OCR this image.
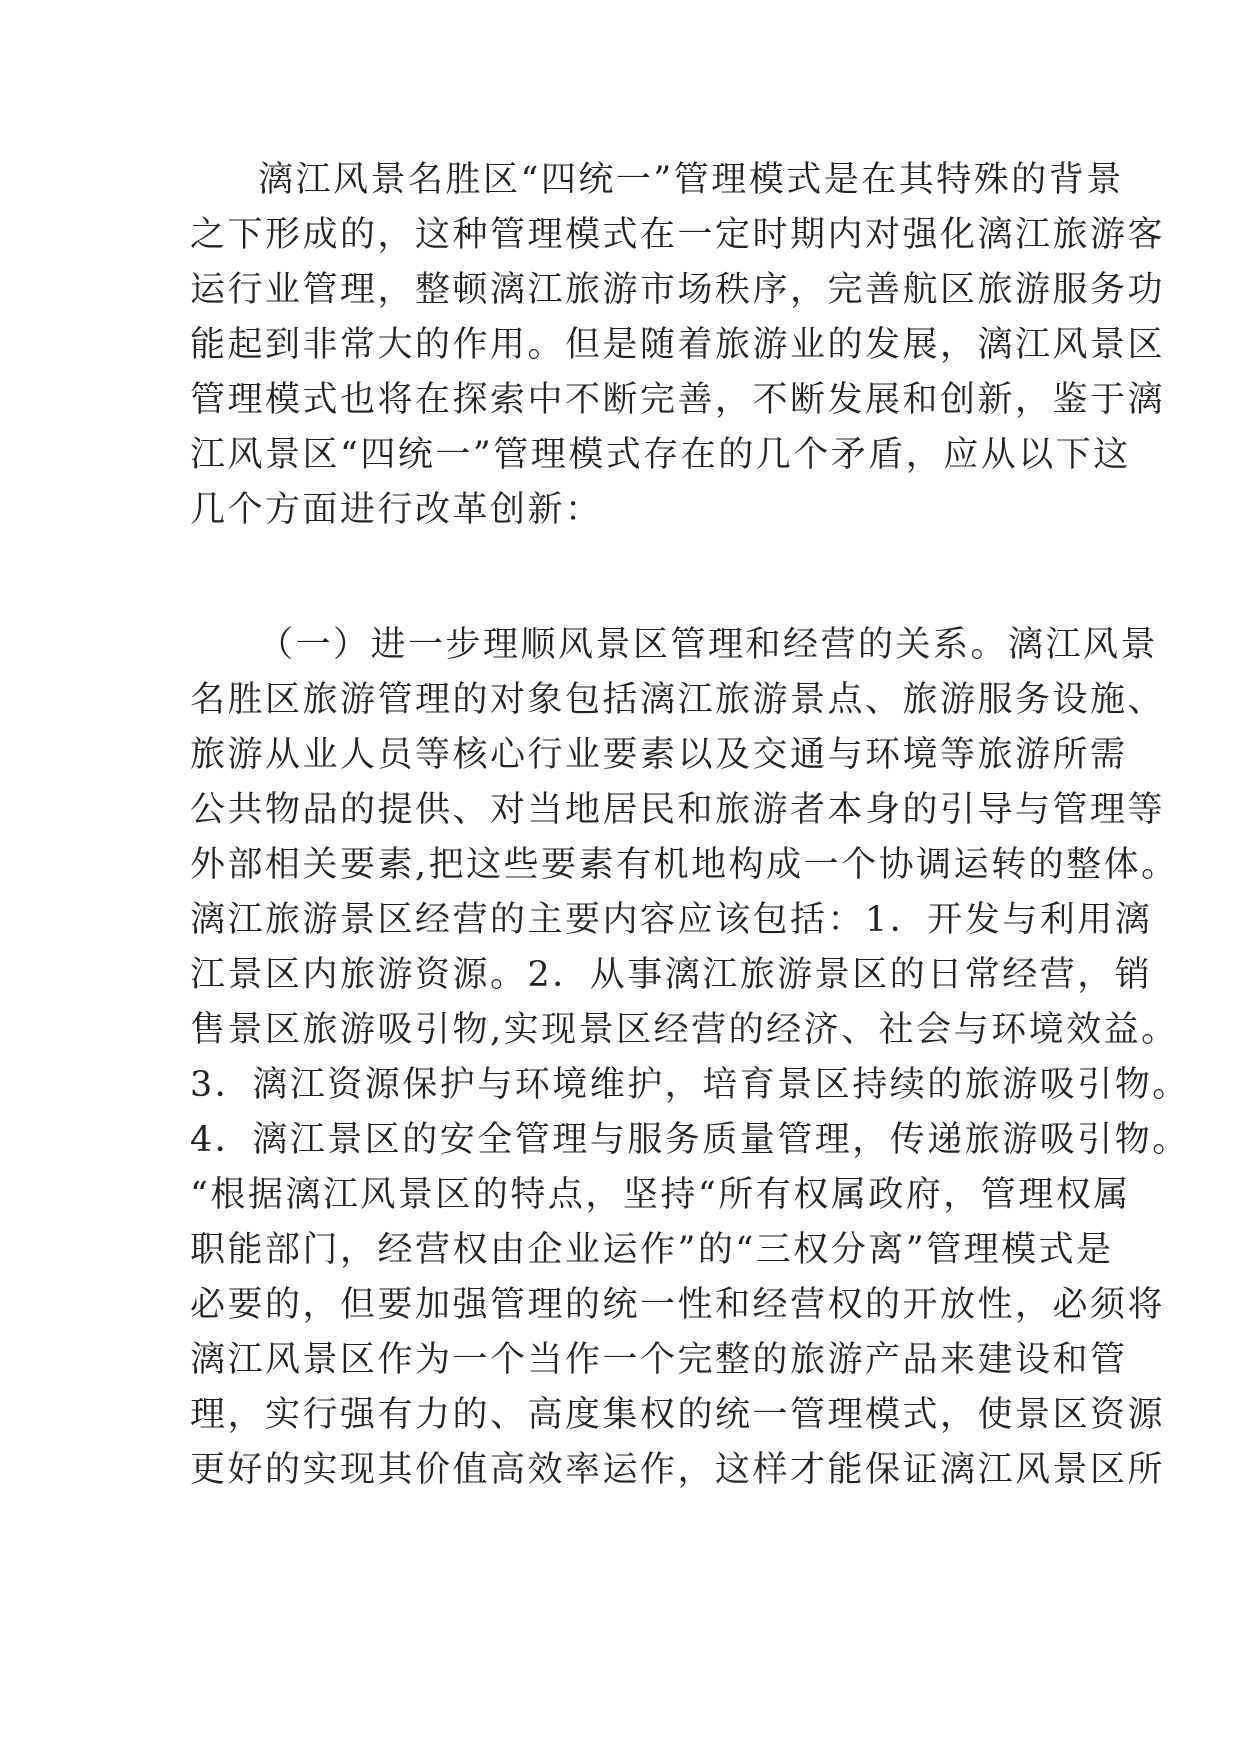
漓江风景名胜区“四统一”管理模式是在其特殊的背景
之下形成的，这种管理模式在一定时期内对强化漓江旅游客
运行业管理，整顿漓江旅游市场秩序，完善航区旅游服务功
能起到非常大的作用。但是随着旅游业的发展，漓江风景区
管理模式也将在探索中不断完善，不断发展和创新，鉴于漓
江风景区“四统一”管理模式存在的几个矛盾，应从以下这
几个方面进行改革创新：
（一）进一步理顺风景区管理和经营的关系。漓江风景
名胜区旅游管理的对象包括漓江旅游景点、旅游服务设施、
旅游从业人员等核心行业要素以及交通与环境等旅游所需
公共物品的提供、对当地居民和旅游者本身的引导与管理等
外部相关要素,把这些要素有机地构成一个协调运转的整体。
漓江旅游景区经营的主要内容应该包括：1．开发与利用漓
江景区内旅游资源。2．从事漓江旅游景区的日常经营，销
售景区旅游吸引物,实现景区经营的经济、社会与环境效益。
3．漓江资源保护与环境维护，培育景区持续的旅游吸引物。
4．漓江景区的安全管理与服务质量管理，传递旅游吸引物。
“根据漓江风景区的特点，坚持“所有权属政府，管理权属
职能部门，经营权由企业运作”的“三权分离”管理模式是
必要的，但要加强管理的统一性和经营权的开放性，必须将
漓江风景区作为一个当作一个完整的旅游产品来建设和管
理，实行强有力的、高度集权的统一管理模式，使景区资源
更好的实现其价值高效率运作，这样才能保证漓江风景区所
